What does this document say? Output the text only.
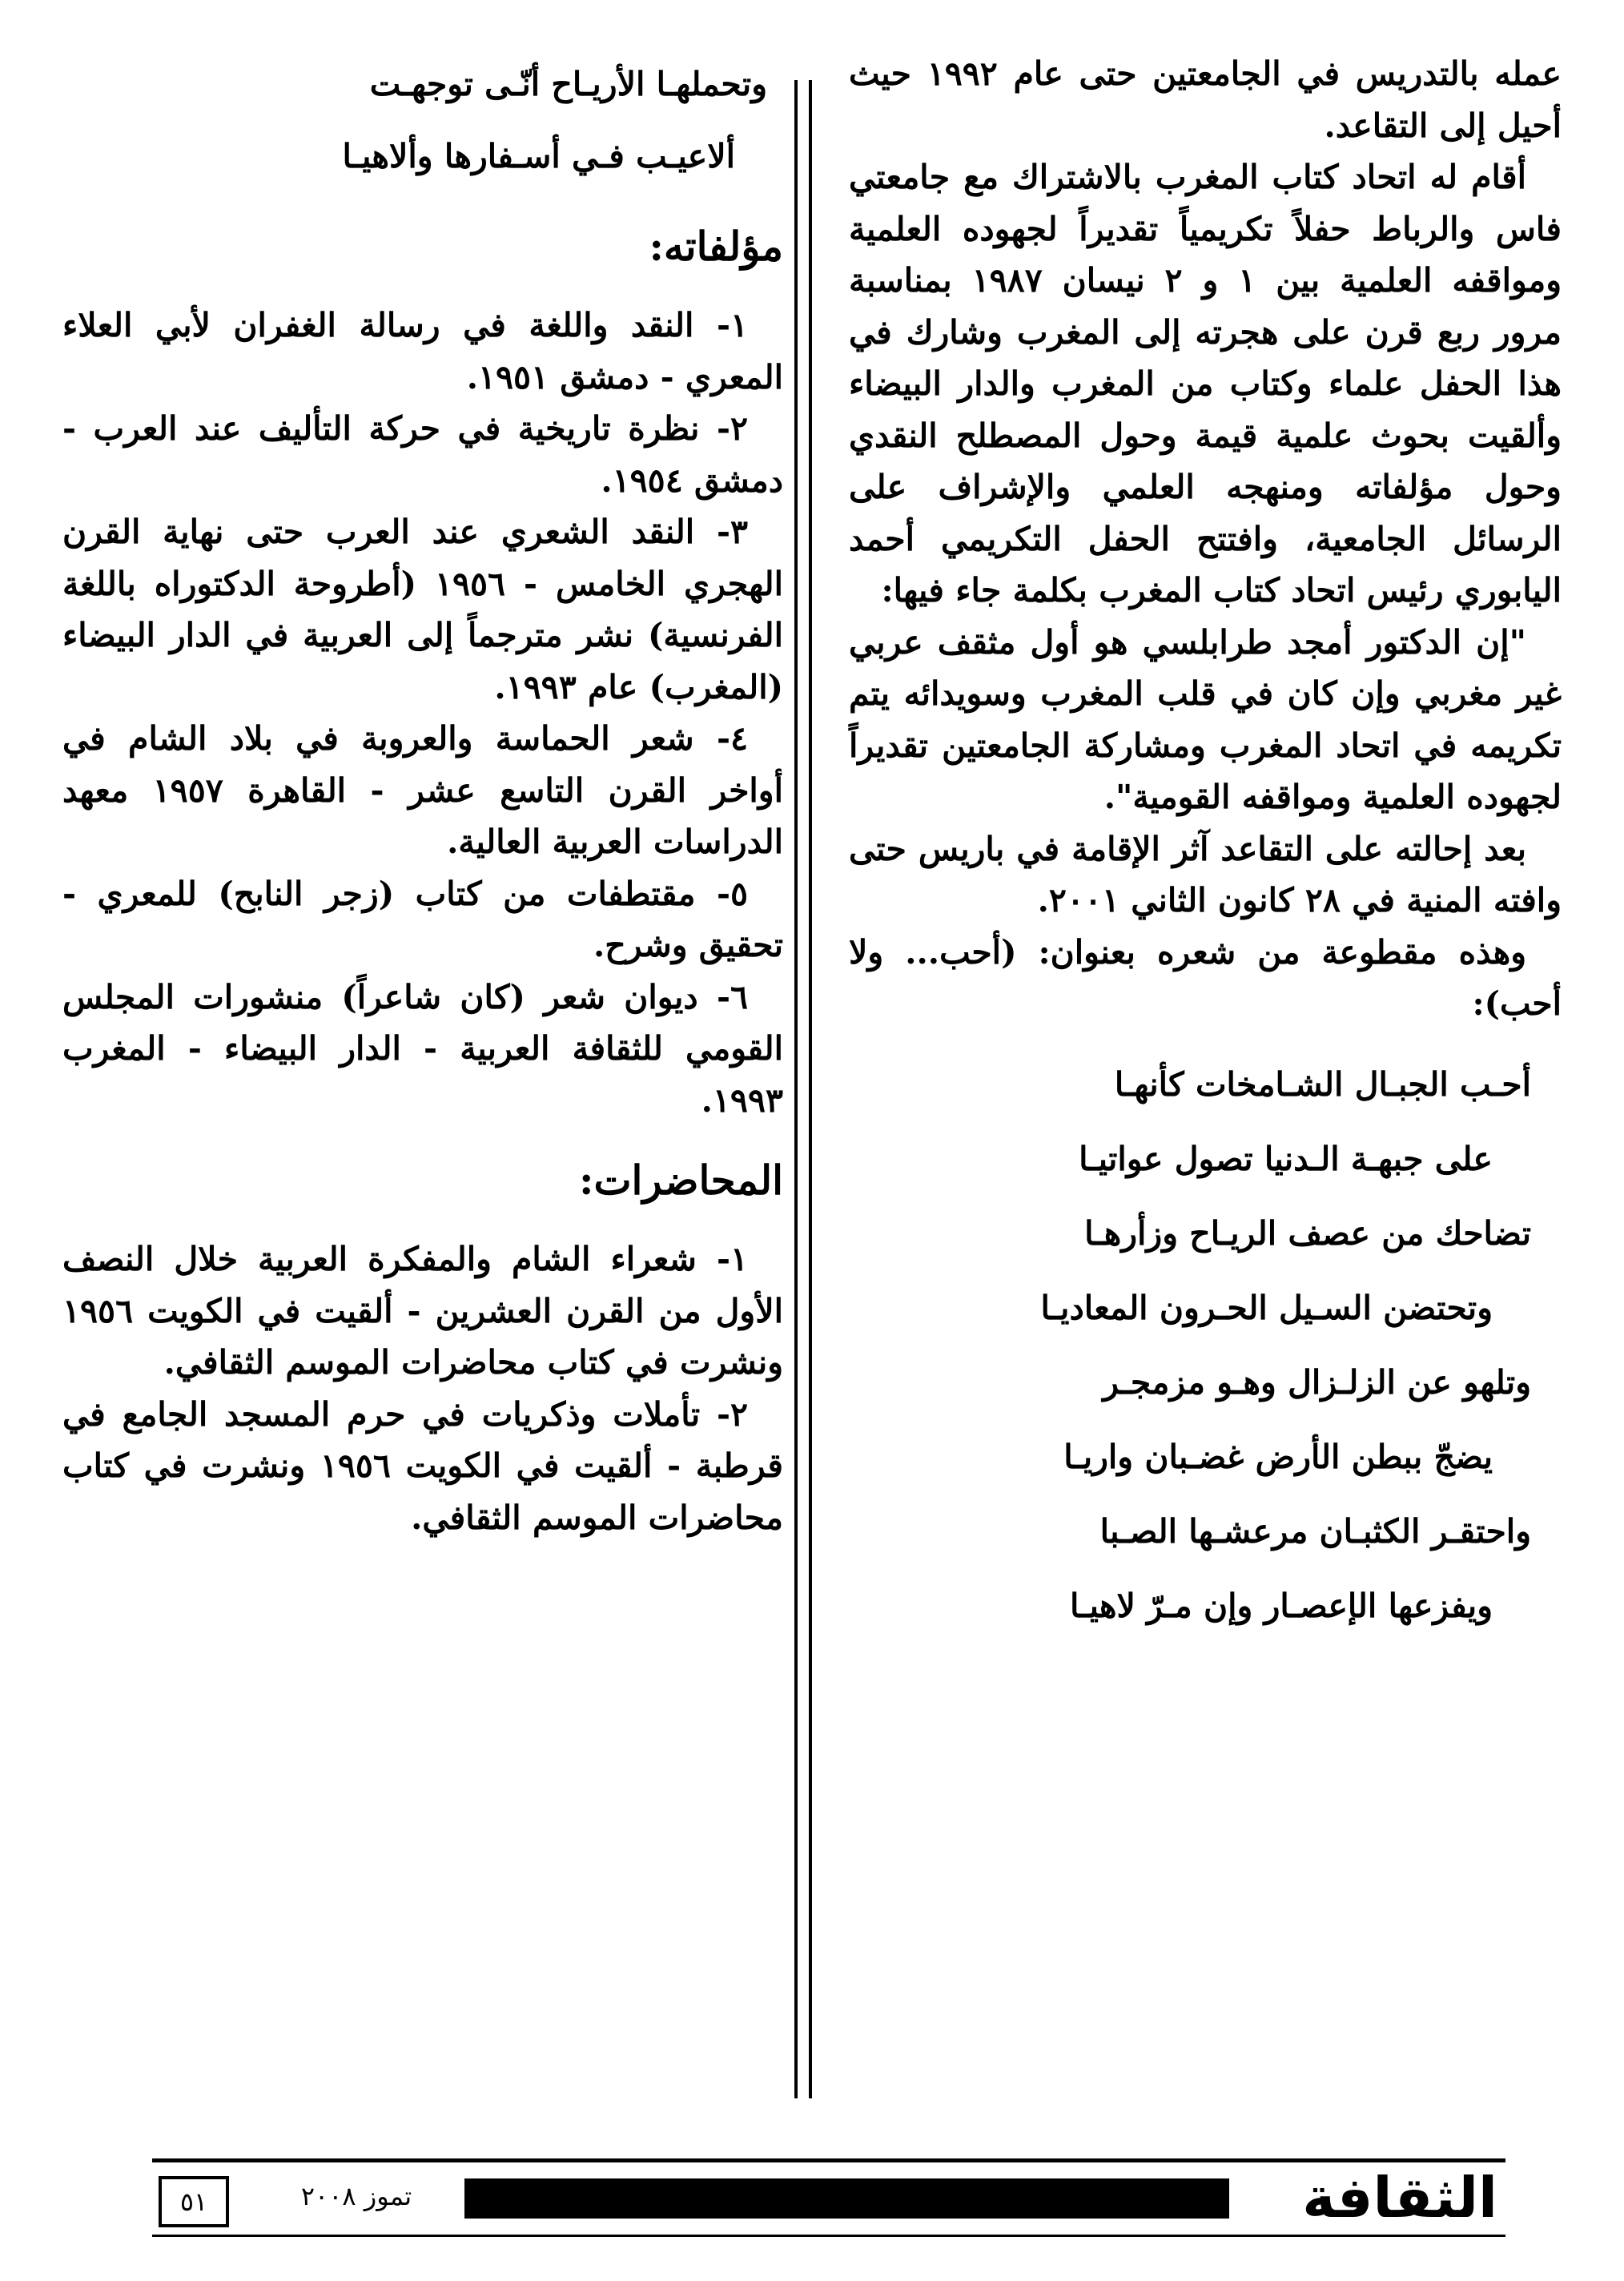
عمله بالتدريس في الجامعتين حتى عام ١٩٩٢ حيث أحيل إلى التقاعد.

أقام له اتحاد كتاب المغرب بالاشتراك مع جامعتي فاس والرباط حفلاً تكريمياً تقديراً لجهوده العلمية ومواقفه العلمية بين ١ و ٢ نيسان ١٩٨٧ بمناسبة مرور ربع قرن على هجرته إلى المغرب وشارك في هذا الحفل علماء وكتاب من المغرب والدار البيضاء وألقيت بحوث علمية قيمة وحول المصطلح النقدي وحول مؤلفاته ومنهجه العلمي والإشراف على الرسائل الجامعية، وافتتح الحفل التكريمي أحمد اليابوري رئيس اتحاد كتاب المغرب بكلمة جاء فيها:

"إن الدكتور أمجد طرابلسي هو أول مثقف عربي غير مغربي وإن كان في قلب المغرب وسويدائه يتم تكريمه في اتحاد المغرب ومشاركة الجامعتين تقديراً لجهوده العلمية ومواقفه القومية".

بعد إحالته على التقاعد آثر الإقامة في باريس حتى وافته المنية في ٢٨ كانون الثاني ٢٠٠١.

وهذه مقطوعة من شعره بعنوان: (أحب... ولا أحب):

أحـب الجبـال الشـامخات كأنهـا

على جبهـة الـدنيا تصول عواتيـا

تضاحك من عصف الريـاح وزأرهـا

وتحتضن السـيل الحـرون المعاديـا

وتلهو عن الزلـزال وهـو مزمجـر

يضجّ ببطن الأرض غضـبان واريـا

واحتقـر الكثبـان مرعشـها الصـبا

ويفزعها الإعصـار وإن مـرّ لاهيـا

وتحملهـا الأريـاح أنّـى توجهـت

ألاعيـب فـي أسـفارها وألاهيـا

مؤلفاته:

١- النقد واللغة في رسالة الغفران لأبي العلاء المعري - دمشق ١٩٥١.

٢- نظرة تاريخية في حركة التأليف عند العرب - دمشق ١٩٥٤.

٣- النقد الشعري عند العرب حتى نهاية القرن الهجري الخامس - ١٩٥٦ (أطروحة الدكتوراه باللغة الفرنسية) نشر مترجماً إلى العربية في الدار البيضاء (المغرب) عام ١٩٩٣.

٤- شعر الحماسة والعروبة في بلاد الشام في أواخر القرن التاسع عشر - القاهرة ١٩٥٧ معهد الدراسات العربية العالية.

٥- مقتطفات من كتاب (زجر النابح) للمعري - تحقيق وشرح.

٦- ديوان شعر (كان شاعراً) منشورات المجلس القومي للثقافة العربية - الدار البيضاء - المغرب ١٩٩٣.

المحاضرات:

١- شعراء الشام والمفكرة العربية خلال النصف الأول من القرن العشرين - ألقيت في الكويت ١٩٥٦ ونشرت في كتاب محاضرات الموسم الثقافي.

٢- تأملات وذكريات في حرم المسجد الجامع في قرطبة - ألقيت في الكويت ١٩٥٦ ونشرت في كتاب محاضرات الموسم الثقافي.

٥١	تموز ٢٠٠٨	الثقافة
